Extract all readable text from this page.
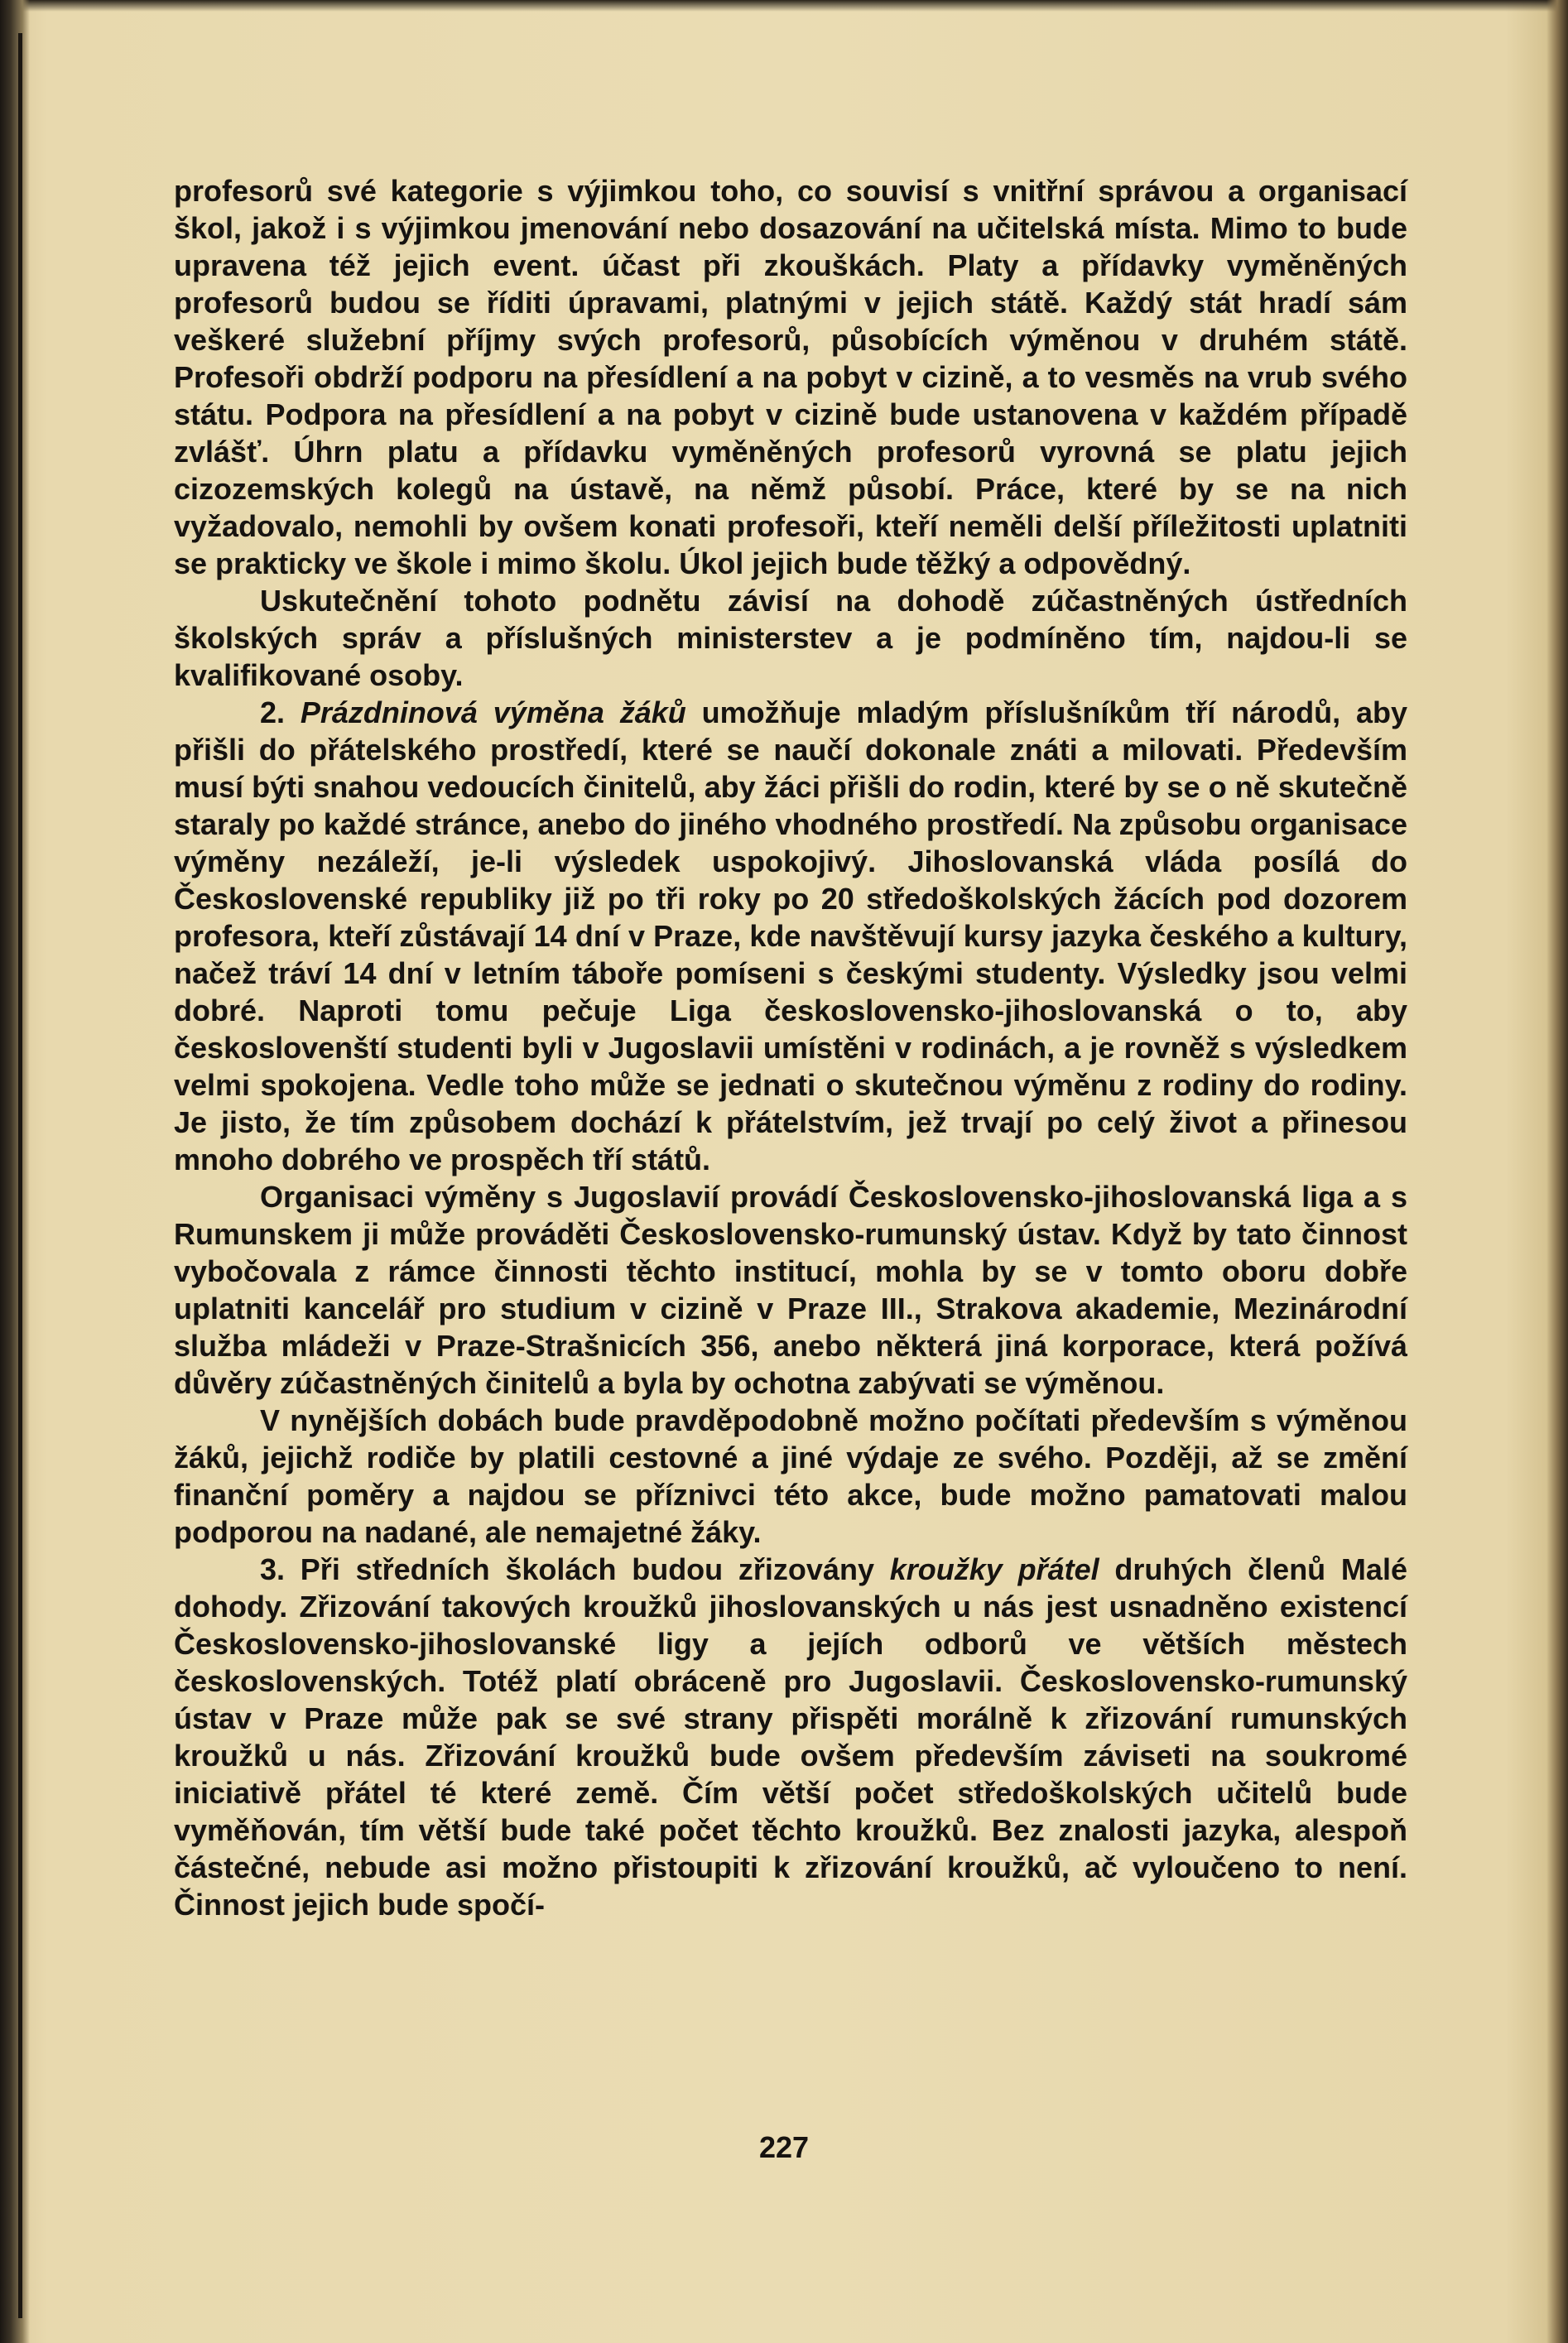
profesorů své kategorie s výjimkou toho, co souvisí s vnitřní správou a organisací škol, jakož i s výjimkou jmenování nebo dosazování na učitelská místa. Mimo to bude upravena též jejich event. účast při zkouškách. Platy a přídavky vyměněných profesorů budou se říditi úpravami, platnými v jejich státě. Každý stát hradí sám veškeré služební příjmy svých profesorů, působících výměnou v druhém státě. Profesoři obdrží podporu na přesídlení a na pobyt v cizině, a to vesměs na vrub svého státu. Podpora na přesídlení a na pobyt v cizině bude ustanovena v každém případě zvlášť. Úhrn platu a přídavku vyměněných profesorů vyrovná se platu jejich cizozemských kolegů na ústavě, na němž působí. Práce, které by se na nich vyžadovalo, nemohli by ovšem konati profesoři, kteří neměli delší příležitosti uplatniti se prakticky ve škole i mimo školu. Úkol jejich bude těžký a odpovědný.

Uskutečnění tohoto podnětu závisí na dohodě zúčastněných ústředních školských správ a příslušných ministerstev a je podmíněno tím, najdou-li se kvalifikované osoby.

2. Prázdninová výměna žáků umožňuje mladým příslušníkům tří národů, aby přišli do přátelského prostředí, které se naučí dokonale znáti a milovati. Především musí býti snahou vedoucích činitelů, aby žáci přišli do rodin, které by se o ně skutečně staraly po každé stránce, anebo do jiného vhodného prostředí. Na způsobu organisace výměny nezáleží, je-li výsledek uspokojivý. Jihoslovanská vláda posílá do Československé republiky již po tři roky po 20 středoškolských žácích pod dozorem profesora, kteří zůstávají 14 dní v Praze, kde navštěvují kursy jazyka českého a kultury, načež tráví 14 dní v letním táboře pomíseni s českými studenty. Výsledky jsou velmi dobré. Naproti tomu pečuje Liga československo-jihoslovanská o to, aby českoslovenští studenti byli v Jugoslavii umístěni v rodinách, a je rovněž s výsledkem velmi spokojena. Vedle toho může se jednati o skutečnou výměnu z rodiny do rodiny. Je jisto, že tím způsobem dochází k přátelstvím, jež trvají po celý život a přinesou mnoho dobrého ve prospěch tří států.

Organisaci výměny s Jugoslavií provádí Československo-jihoslovanská liga a s Rumunskem ji může prováděti Československo-rumunský ústav. Když by tato činnost vybočovala z rámce činnosti těchto institucí, mohla by se v tomto oboru dobře uplatniti kancelář pro studium v cizině v Praze III., Strakova akademie, Mezinárodní služba mládeži v Praze-Strašnicích 356, anebo některá jiná korporace, která požívá důvěry zúčastněných činitelů a byla by ochotna zabývati se výměnou.

V nynějších dobách bude pravděpodobně možno počítati především s výměnou žáků, jejichž rodiče by platili cestovné a jiné výdaje ze svého. Později, až se změní finanční poměry a najdou se příznivci této akce, bude možno pamatovati malou podporou na nadané, ale nemajetné žáky.

3. Při středních školách budou zřizovány kroužky přátel druhých členů Malé dohody. Zřizování takových kroužků jihoslovanských u nás jest usnadněno existencí Československo-jihoslovanské ligy a jejích odborů ve větších městech československých. Totéž platí obráceně pro Jugoslavii. Československo-rumunský ústav v Praze může pak se své strany přispěti morálně k zřizování rumunských kroužků u nás. Zřizování kroužků bude ovšem především záviseti na soukromé iniciativě přátel té které země. Čím větší počet středoškolských učitelů bude vyměňován, tím větší bude také počet těchto kroužků. Bez znalosti jazyka, alespoň částečné, nebude asi možno přistoupiti k zřizování kroužků, ač vyloučeno to není. Činnost jejich bude spočí-

227
